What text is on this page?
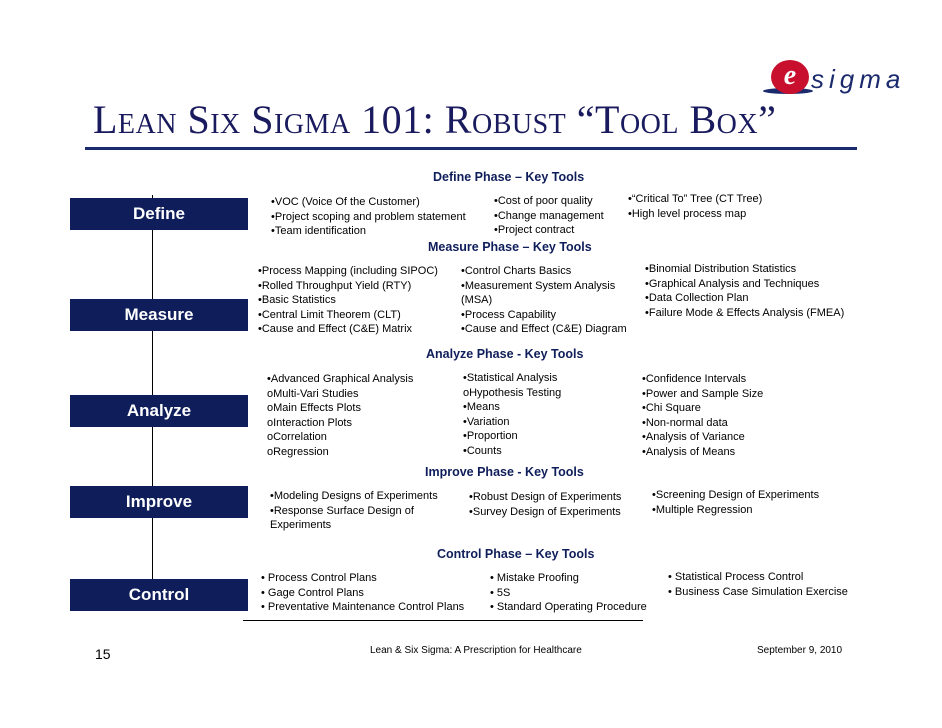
e sigma
Lean Six Sigma 101: Robust “Tool Box”
Define
Measure
Analyze
Improve
Control
Define Phase – Key Tools
•VOC (Voice Of the Customer)
•Project scoping and problem statement
•Team identification
•Cost of poor quality
•Change management
•Project contract
•“Critical To” Tree (CT Tree)
•High level process map
Measure Phase – Key Tools
•Process Mapping (including SIPOC)
•Rolled Throughput Yield (RTY)
•Basic Statistics
•Central Limit Theorem (CLT)
•Cause and Effect (C&E) Matrix
•Control Charts Basics
•Measurement System Analysis
(MSA)
•Process Capability
•Cause and Effect (C&E) Diagram
•Binomial Distribution Statistics
•Graphical Analysis and Techniques
•Data Collection Plan
•Failure Mode & Effects Analysis (FMEA)
Analyze Phase - Key Tools
•Advanced Graphical Analysis
oMulti-Vari Studies
oMain Effects Plots
oInteraction Plots
oCorrelation
oRegression
•Statistical Analysis
oHypothesis Testing
•Means
•Variation
•Proportion
•Counts
•Confidence Intervals
•Power and Sample Size
•Chi Square
•Non-normal data
•Analysis of Variance
•Analysis of Means
Improve Phase - Key Tools
•Modeling Designs of Experiments
•Response Surface Design of
Experiments
•Robust Design of Experiments
•Survey Design of Experiments
•Screening Design of Experiments
•Multiple Regression
Control Phase – Key Tools
• Process Control Plans
• Gage Control Plans
• Preventative Maintenance Control Plans
• Mistake Proofing
• 5S
• Standard Operating Procedure
• Statistical Process Control
• Business Case Simulation Exercise
15	Lean & Six Sigma: A Prescription for Healthcare	September 9, 2010
